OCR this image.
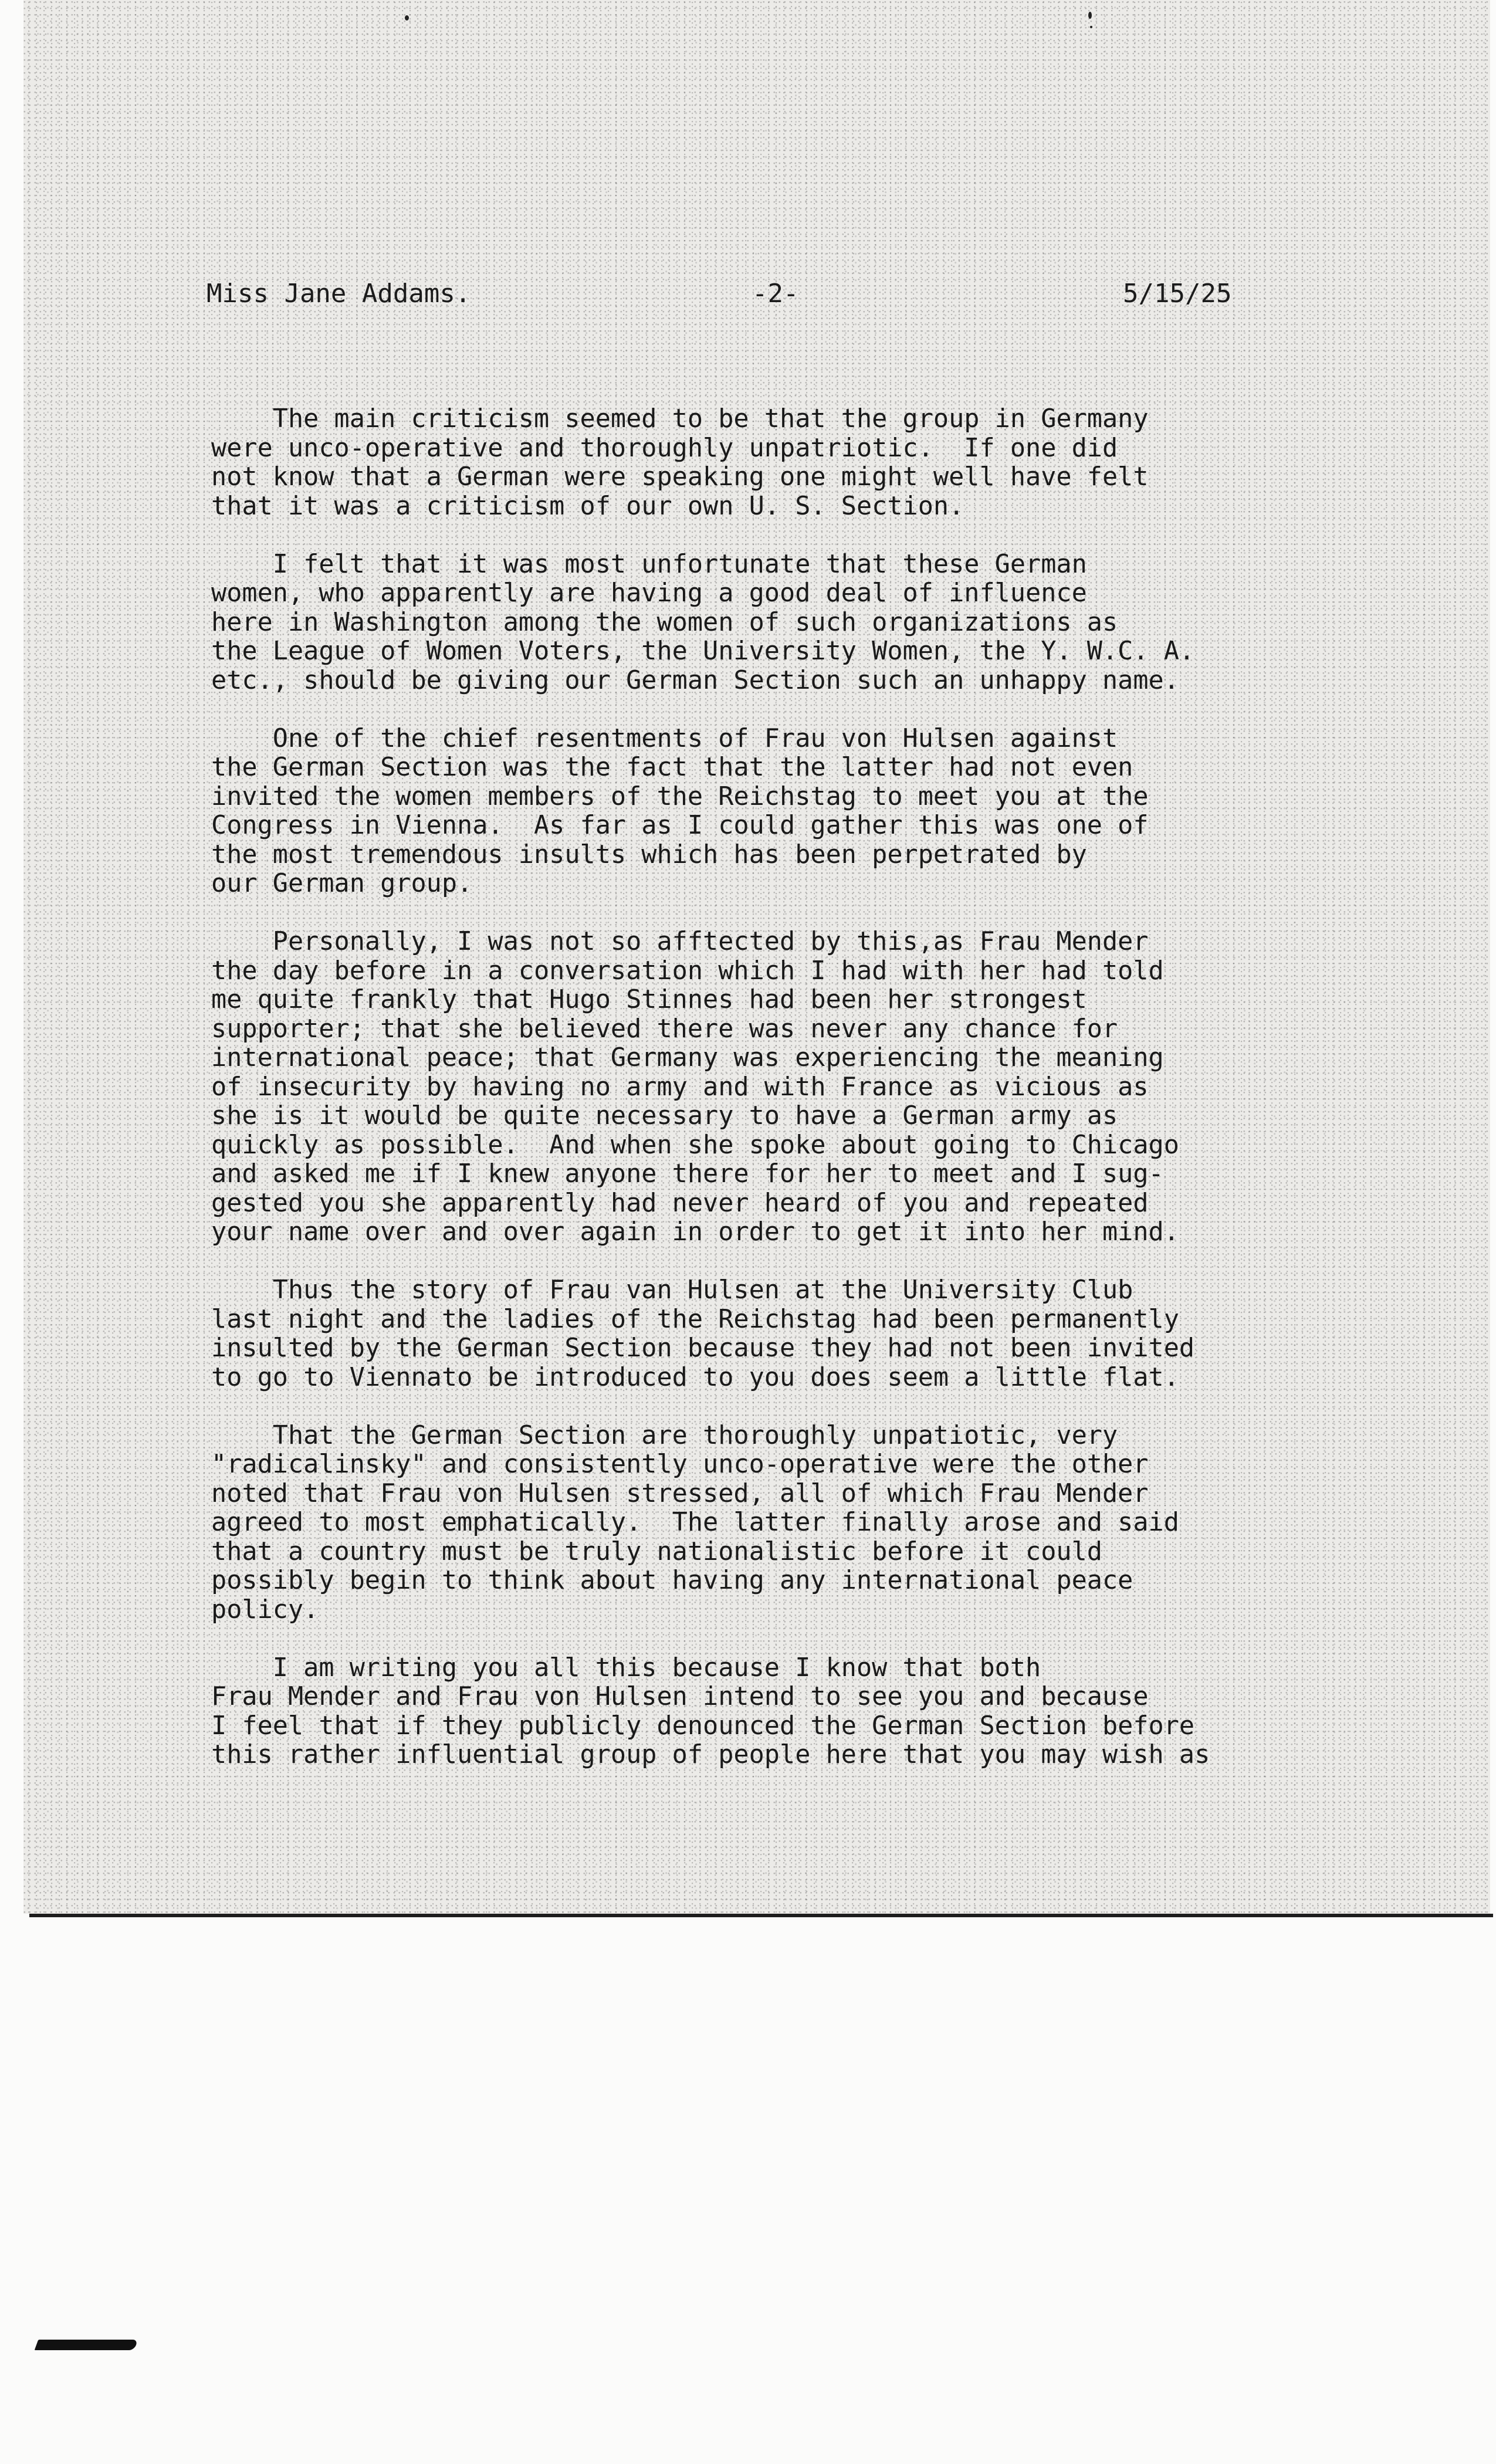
Miss Jane Addams.	-2-	5/15/25

The main criticism seemed to be that the group in Germany
were unco-operative and thoroughly unpatriotic.  If one did
not know that a German were speaking one might well have felt
that it was a criticism of our own U. S. Section.

I felt that it was most unfortunate that these German
women, who apparently are having a good deal of influence
here in Washington among the women of such organizations as
the League of Women Voters, the University Women, the Y. W.C. A.
etc., should be giving our German Section such an unhappy name.

One of the chief resentments of Frau von Hulsen against
the German Section was the fact that the latter had not even
invited the women members of the Reichstag to meet you at the
Congress in Vienna.  As far as I could gather this was one of
the most tremendous insults which has been perpetrated by
our German group.

Personally, I was not so afftected by this,as Frau Mender
the day before in a conversation which I had with her had told
me quite frankly that Hugo Stinnes had been her strongest
supporter; that she believed there was never any chance for
international peace; that Germany was experiencing the meaning
of insecurity by having no army and with France as vicious as
she is it would be quite necessary to have a German army as
quickly as possible.  And when she spoke about going to Chicago
and asked me if I knew anyone there for her to meet and I sug-
gested you she apparently had never heard of you and repeated
your name over and over again in order to get it into her mind.

Thus the story of Frau van Hulsen at the University Club
last night and the ladies of the Reichstag had been permanently
insulted by the German Section because they had not been invited
to go to Viennato be introduced to you does seem a little flat.

That the German Section are thoroughly unpatiotic, very
"radicalinsky" and consistently unco-operative were the other
noted that Frau von Hulsen stressed, all of which Frau Mender
agreed to most emphatically.  The latter finally arose and said
that a country must be truly nationalistic before it could
possibly begin to think about having any international peace
policy.

I am writing you all this because I know that both
Frau Mender and Frau von Hulsen intend to see you and because
I feel that if they publicly denounced the German Section before
this rather influential group of people here that you may wish as
